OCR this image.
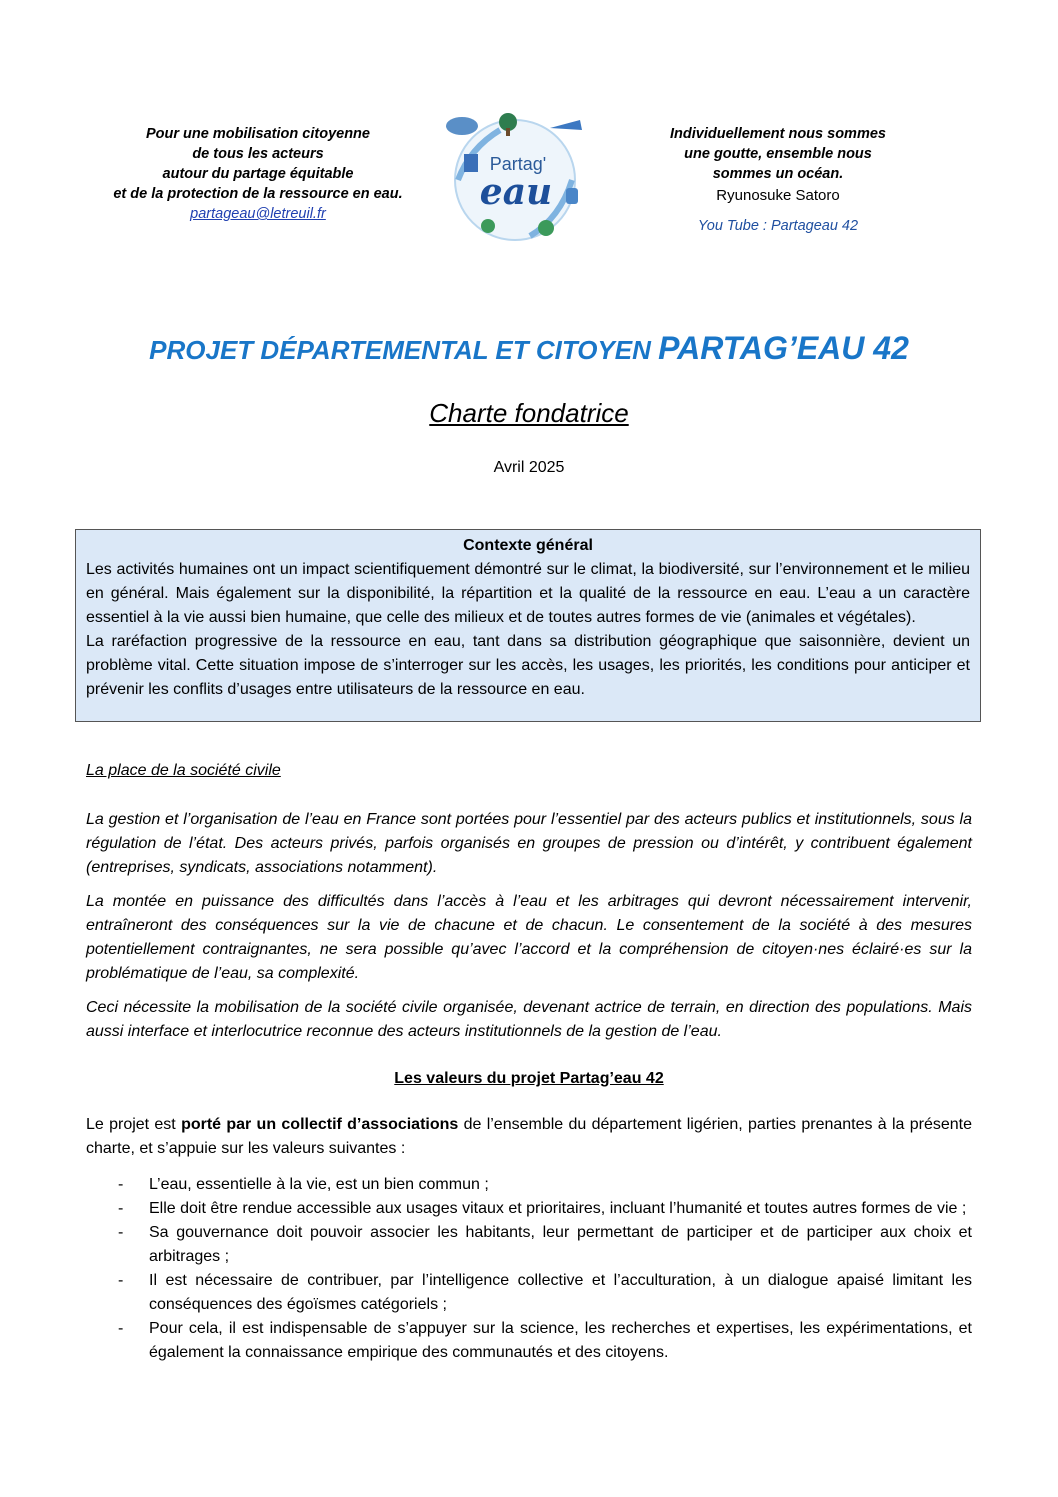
Pour une mobilisation citoyenne
de tous les acteurs
autour du partage équitable
et de la protection de la ressource en eau.
partageau@letreuil.fr
Partag'
eau
Individuellement nous sommes
une goutte, ensemble nous
sommes un océan.
Ryunosuke Satoro
You Tube : Partageau 42
PROJET DÉPARTEMENTAL ET CITOYEN PARTAG’EAU 42
Charte fondatrice
Avril 2025
Contexte général

Les activités humaines ont un impact scientifiquement démontré sur le climat, la biodiversité, sur l’environnement et le milieu en général. Mais également sur la disponibilité, la répartition et la qualité de la ressource en eau. L’eau a un caractère essentiel à la vie aussi bien humaine, que celle des milieux et de toutes autres formes de vie (animales et végétales).

La raréfaction progressive de la ressource en eau, tant dans sa distribution géographique que saisonnière, devient un problème vital. Cette situation impose de s’interroger sur les accès, les usages, les priorités, les conditions pour anticiper et prévenir les conflits d’usages entre utilisateurs de la ressource en eau.

La place de la société civile

La gestion et l’organisation de l’eau en France sont portées pour l’essentiel par des acteurs publics et institutionnels, sous la régulation de l’état. Des acteurs privés, parfois organisés en groupes de pression ou d’intérêt, y contribuent également (entreprises, syndicats, associations notamment).

La montée en puissance des difficultés dans l’accès à l’eau et les arbitrages qui devront nécessairement intervenir, entraîneront des conséquences sur la vie de chacune et de chacun. Le consentement de la société à des mesures potentiellement contraignantes, ne sera possible qu’avec l’accord et la compréhension de citoyen·nes éclairé·es sur la problématique de l’eau, sa complexité.

Ceci nécessite la mobilisation de la société civile organisée, devenant actrice de terrain, en direction des populations. Mais aussi interface et interlocutrice reconnue des acteurs institutionnels de la gestion de l’eau.

Les valeurs du projet Partag’eau 42
Le projet est porté par un collectif d’associations de l’ensemble du département ligérien, parties prenantes à la présente charte, et s’appuie sur les valeurs suivantes :
- L’eau, essentielle à la vie, est un bien commun ;
- Elle doit être rendue accessible aux usages vitaux et prioritaires, incluant l’humanité et toutes autres formes de vie ;
- Sa gouvernance doit pouvoir associer les habitants, leur permettant de participer et de participer aux choix et arbitrages ;
- Il est nécessaire de contribuer, par l’intelligence collective et l’acculturation, à un dialogue apaisé limitant les conséquences des égoïsmes catégoriels ;
- Pour cela, il est indispensable de s’appuyer sur la science, les recherches et expertises, les expérimentations, et également la connaissance empirique des communautés et des citoyens.
